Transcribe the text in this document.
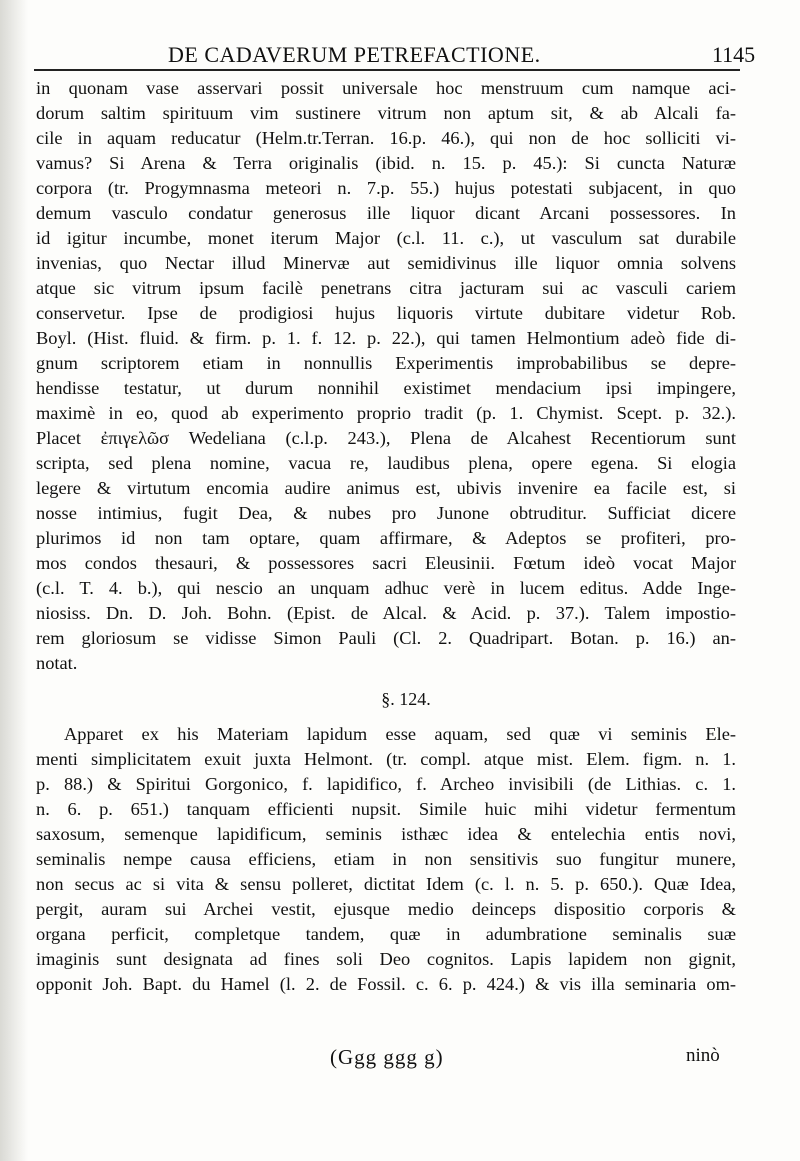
DE CADAVERUM PETREFACTIONE.	1145
in quonam vase asservari possit universale hoc menstruum cum namque aci-
dorum saltim spirituum vim sustinere vitrum non aptum sit, & ab Alcali fa-
cile in aquam reducatur (Helm.tr.Terran. 16.p. 46.), qui non de hoc solliciti vi-
vamus? Si Arena & Terra originalis (ibid. n. 15. p. 45.): Si cuncta Naturæ
corpora (tr. Progymnasma meteori n. 7.p. 55.) hujus potestati subjacent, in quo
demum vasculo condatur generosus ille liquor dicant Arcani possessores. In
id igitur incumbe, monet iterum Major (c.l. 11. c.), ut vasculum sat durabile
invenias, quo Nectar illud Minervæ aut semidivinus ille liquor omnia solvens
atque sic vitrum ipsum facilè penetrans citra jacturam sui ac vasculi cariem
conservetur. Ipse de prodigiosi hujus liquoris virtute dubitare videtur Rob.
Boyl. (Hist. fluid. & firm. p. 1. f. 12. p. 22.), qui tamen Helmontium adeò fide di-
gnum scriptorem etiam in nonnullis Experimentis improbabilibus se depre-
hendisse testatur, ut durum nonnihil existimet mendacium ipsi impingere,
maximè in eo, quod ab experimento proprio tradit (p. 1. Chymist. Scept. p. 32.).
Placet ἐπιγελῶσ Wedeliana (c.l.p. 243.), Plena de Alcahest Recentiorum sunt
scripta, sed plena nomine, vacua re, laudibus plena, opere egena. Si elogia
legere & virtutum encomia audire animus est, ubivis invenire ea facile est, si
nosse intimius, fugit Dea, & nubes pro Junone obtruditur. Sufficiat dicere
plurimos id non tam optare, quam affirmare, & Adeptos se profiteri, pro-
mos condos thesauri, & possessores sacri Eleusinii. Fœtum ideò vocat Major
(c.l. T. 4. b.), qui nescio an unquam adhuc verè in lucem editus. Adde Inge-
niosiss. Dn. D. Joh. Bohn. (Epist. de Alcal. & Acid. p. 37.). Talem impostio-
rem gloriosum se vidisse Simon Pauli (Cl. 2. Quadripart. Botan. p. 16.) an-
notat.
§. 124.
Apparet ex his Materiam lapidum esse aquam, sed quæ vi seminis Ele-
menti simplicitatem exuit juxta Helmont. (tr. compl. atque mist. Elem. figm. n. 1.
p. 88.) & Spiritui Gorgonico, f. lapidifico, f. Archeo invisibili (de Lithias. c. 1.
n. 6. p. 651.) tanquam efficienti nupsit. Simile huic mihi videtur fermentum
saxosum, semenque lapidificum, seminis isthæc idea & entelechia entis novi,
seminalis nempe causa efficiens, etiam in non sensitivis suo fungitur munere,
non secus ac si vita & sensu polleret, dictitat Idem (c. l. n. 5. p. 650.). Quæ Idea,
pergit, auram sui Archei vestit, ejusque medio deinceps dispositio corporis &
organa perficit, completque tandem, quæ in adumbratione seminalis suæ
imaginis sunt designata ad fines soli Deo cognitos. Lapis lapidem non gignit,
opponit Joh. Bapt. du Hamel (l. 2. de Fossil. c. 6. p. 424.) & vis illa seminaria om-
(Ggg ggg g)	ninò
